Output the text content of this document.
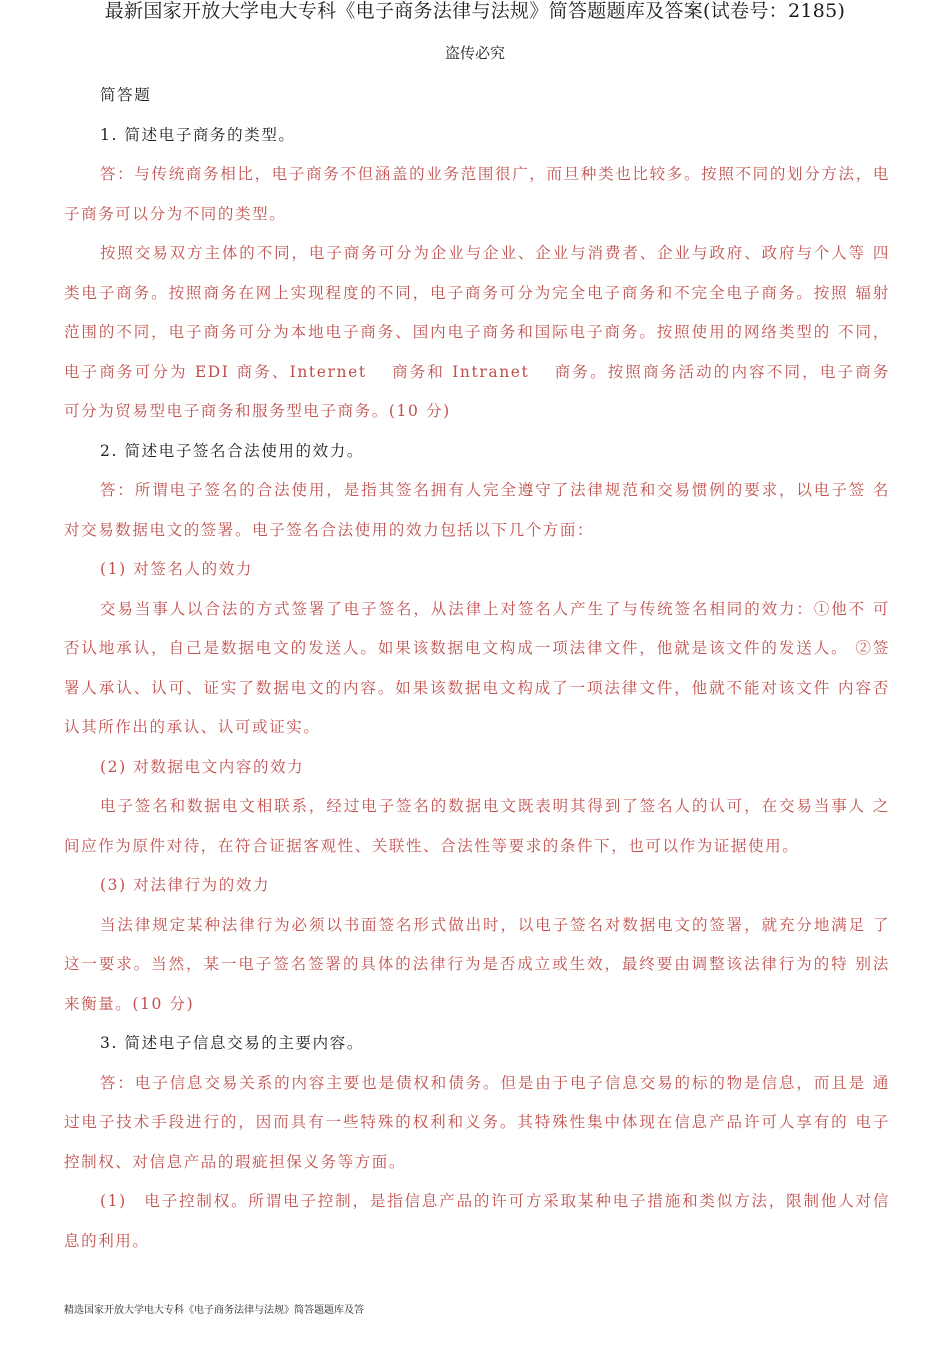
最新国家开放大学电大专科《电子商务法律与法规》简答题题库及答案(试卷号：2185)
盗传必究

简答题

1. 简述电子商务的类型。

答：与传统商务相比，电子商务不但涵盖的业务范围很广，而旦种类也比较多。按照不同的划分方法，电子商务可以分为不同的类型。

按照交易双方主体的不同，电子商务可分为企业与企业、企业与消费者、企业与政府、政府与个人等 四类电子商务。按照商务在网上实现程度的不同，电子商务可分为完全电子商务和不完全电子商务。按照 辐射范围的不同，电子商务可分为本地电子商务、国内电子商务和国际电子商务。按照使用的网络类型的 不同，电子商务可分为 EDI 商务、Internet　 商务和 Intranet　 商务。按照商务活动的内容不同，电子商务 可分为贸易型电子商务和服务型电子商务。(10 分)

2. 简述电子签名合法使用的效力。

答：所谓电子签名的合法使用，是指其签名拥有人完全遵守了法律规范和交易惯例的要求，以电子签 名对交易数据电文的签署。电子签名合法使用的效力包括以下几个方面：

(1) 对签名人的效力

交易当事人以合法的方式签署了电子签名，从法律上对签名人产生了与传统签名相同的效力：①他不 可否认地承认，自己是数据电文的发送人。如果该数据电文构成一项法律文件，他就是该文件的发送人。 ②签署人承认、认可、证实了数据电文的内容。如果该数据电文构成了一项法律文件，他就不能对该文件 内容否认其所作出的承认、认可或证实。

(2) 对数据电文内容的效力

电子签名和数据电文相联系，经过电子签名的数据电文既表明其得到了签名人的认可，在交易当事人 之间应作为原件对待，在符合证据客观性、关联性、合法性等要求的条件下，也可以作为证据使用。

(3) 对法律行为的效力

当法律规定某种法律行为必须以书面签名形式做出时，以电子签名对数据电文的签署，就充分地满足 了这一要求。当然，某一电子签名签署的具体的法律行为是否成立或生效，最终要由调整该法律行为的特 别法来衡量。(10 分)

3. 简述电子信息交易的主要内容。

答：电子信息交易关系的内容主要也是债权和债务。但是由于电子信息交易的标的物是信息，而且是 通过电子技术手段进行的，因而具有一些特殊的权利和义务。其特殊性集中体现在信息产品许可人享有的 电子控制权、对信息产品的瑕疵担保义务等方面。

(1)　电子控制权。所谓电子控制，是指信息产品的许可方采取某种电子措施和类似方法，限制他人对信息的利用。

精选国家开放大学电大专科《电子商务法律与法规》简答题题库及答
